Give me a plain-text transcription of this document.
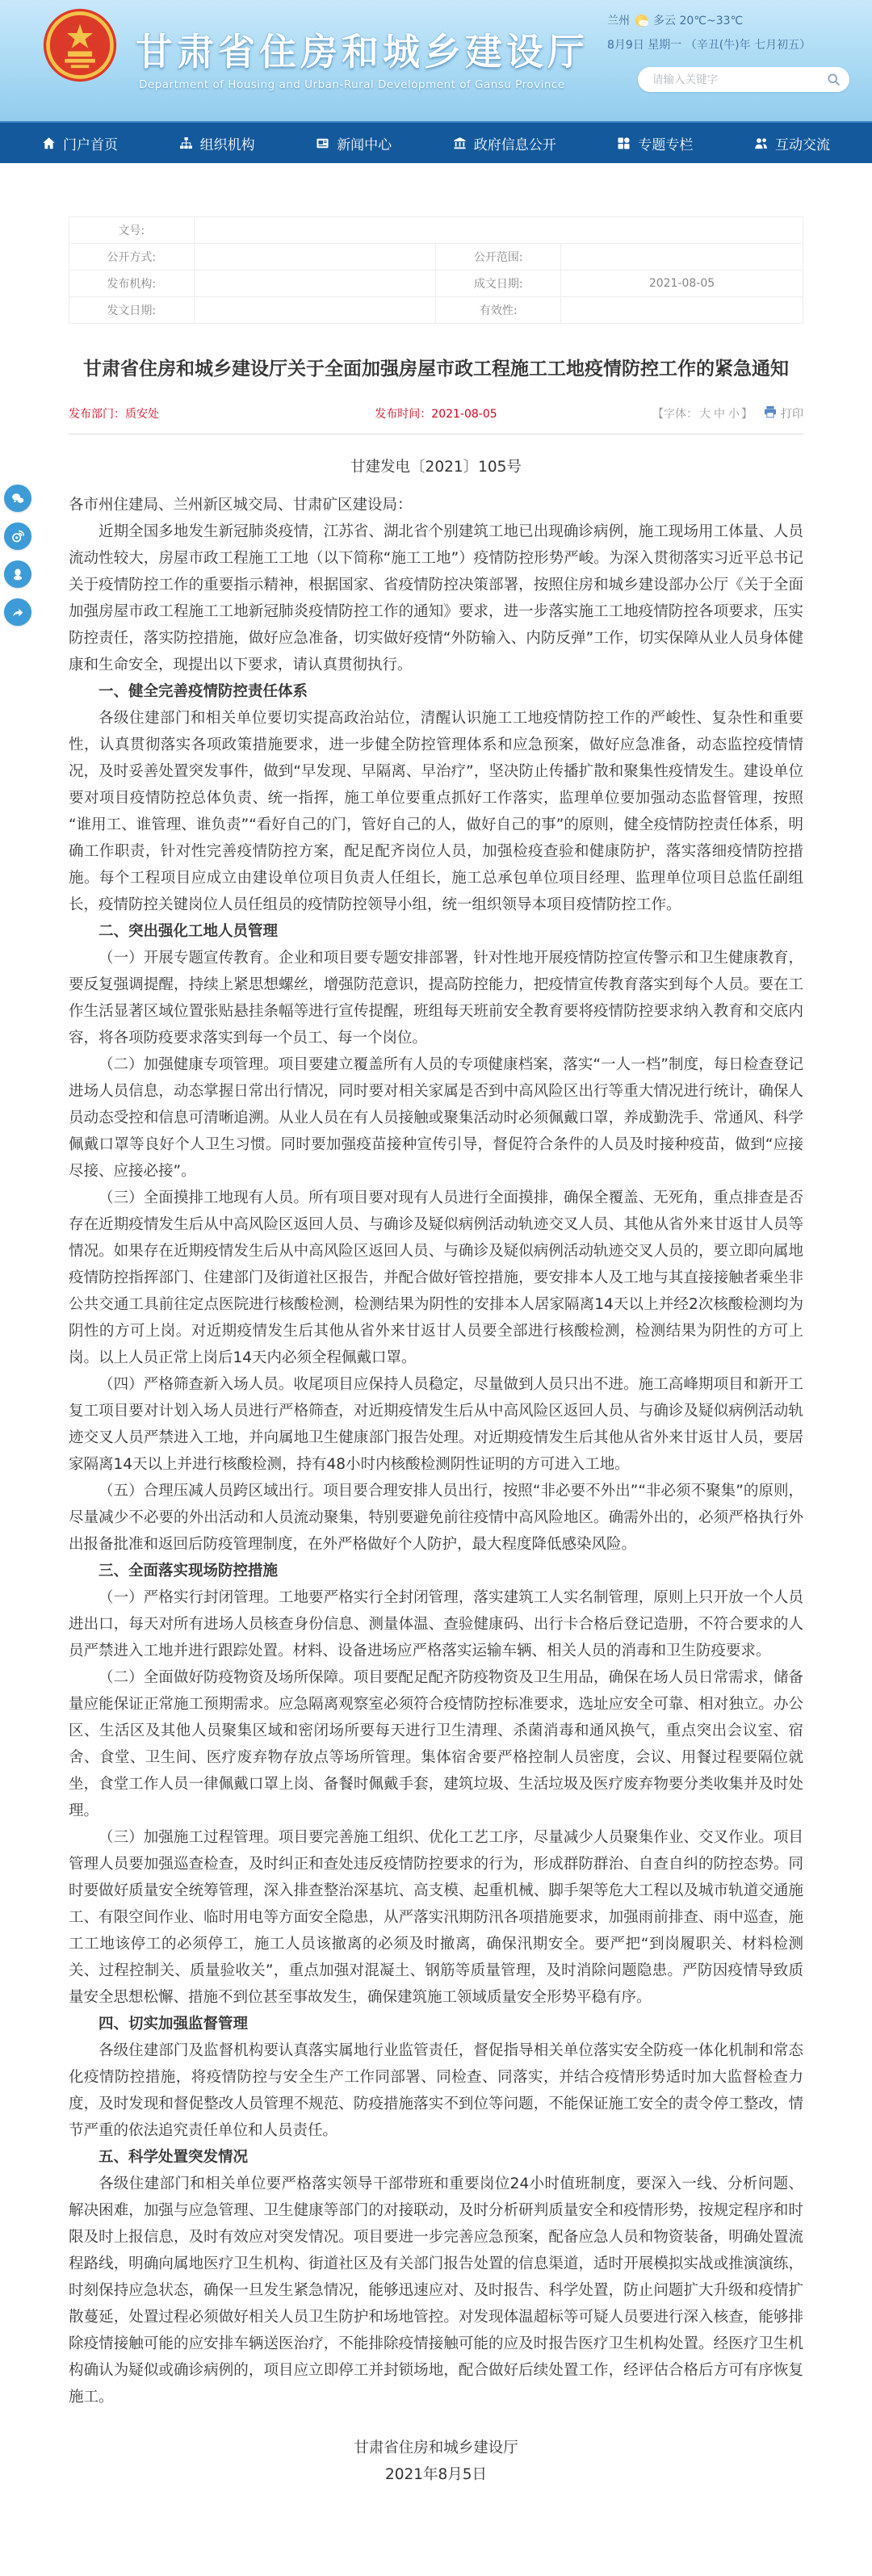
甘肃省住房和城乡建设厅
Department of Housing and Urban-Rural Development of Gansu Province
兰州 多云 20℃~33℃
8月9日 星期一 （辛丑(牛)年 七月初五）
请输入关键字
门户首页	组织机构	新闻中心	政府信息公开	专题专栏	互动交流
文号:			
公开方式:		公开范围:	
发布机构:		成文日期:	2021-08-05
发文日期:		有效性:	
甘肃省住房和城乡建设厅关于全面加强房屋市政工程施工工地疫情防控工作的紧急通知
发布部门：质安处	发布时间：2021-08-05	【字体： 大 中 小 】	打印

甘建发电〔2021〕105号

各市州住建局、兰州新区城交局、甘肃矿区建设局：

近期全国多地发生新冠肺炎疫情，江苏省、湖北省个别建筑工地已出现确诊病例，施工现场用工体量、人员流动性较大，房屋市政工程施工工地（以下简称“施工工地”）疫情防控形势严峻。为深入贯彻落实习近平总书记关于疫情防控工作的重要指示精神，根据国家、省疫情防控决策部署，按照住房和城乡建设部办公厅《关于全面加强房屋市政工程施工工地新冠肺炎疫情防控工作的通知》要求，进一步落实施工工地疫情防控各项要求，压实防控责任，落实防控措施，做好应急准备，切实做好疫情“外防输入、内防反弹”工作，切实保障从业人员身体健康和生命安全，现提出以下要求，请认真贯彻执行。

一、健全完善疫情防控责任体系

各级住建部门和相关单位要切实提高政治站位，清醒认识施工工地疫情防控工作的严峻性、复杂性和重要性，认真贯彻落实各项政策措施要求，进一步健全防控管理体系和应急预案，做好应急准备，动态监控疫情情况，及时妥善处置突发事件，做到“早发现、早隔离、早治疗”，坚决防止传播扩散和聚集性疫情发生。建设单位要对项目疫情防控总体负责、统一指挥，施工单位要重点抓好工作落实，监理单位要加强动态监督管理，按照“谁用工、谁管理、谁负责”“看好自己的门，管好自己的人，做好自己的事”的原则，健全疫情防控责任体系，明确工作职责，针对性完善疫情防控方案，配足配齐岗位人员，加强检疫查验和健康防护，落实落细疫情防控措施。每个工程项目应成立由建设单位项目负责人任组长，施工总承包单位项目经理、监理单位项目总监任副组长，疫情防控关键岗位人员任组员的疫情防控领导小组，统一组织领导本项目疫情防控工作。

二、突出强化工地人员管理

（一）开展专题宣传教育。企业和项目要专题安排部署，针对性地开展疫情防控宣传警示和卫生健康教育，要反复强调提醒，持续上紧思想螺丝，增强防范意识，提高防控能力，把疫情宣传教育落实到每个人员。要在工作生活显著区域位置张贴悬挂条幅等进行宣传提醒，班组每天班前安全教育要将疫情防控要求纳入教育和交底内容，将各项防疫要求落实到每一个员工、每一个岗位。

（二）加强健康专项管理。项目要建立覆盖所有人员的专项健康档案，落实“一人一档”制度，每日检查登记进场人员信息，动态掌握日常出行情况，同时要对相关家属是否到中高风险区出行等重大情况进行统计，确保人员动态受控和信息可清晰追溯。从业人员在有人员接触或聚集活动时必须佩戴口罩，养成勤洗手、常通风、科学佩戴口罩等良好个人卫生习惯。同时要加强疫苗接种宣传引导，督促符合条件的人员及时接种疫苗，做到“应接尽接、应接必接”。

（三）全面摸排工地现有人员。所有项目要对现有人员进行全面摸排，确保全覆盖、无死角，重点排查是否存在近期疫情发生后从中高风险区返回人员、与确诊及疑似病例活动轨迹交叉人员、其他从省外来甘返甘人员等情况。如果存在近期疫情发生后从中高风险区返回人员、与确诊及疑似病例活动轨迹交叉人员的，要立即向属地疫情防控指挥部门、住建部门及街道社区报告，并配合做好管控措施，要安排本人及工地与其直接接触者乘坐非公共交通工具前往定点医院进行核酸检测，检测结果为阴性的安排本人居家隔离14天以上并经2次核酸检测均为阴性的方可上岗。对近期疫情发生后其他从省外来甘返甘人员要全部进行核酸检测，检测结果为阴性的方可上岗。以上人员正常上岗后14天内必须全程佩戴口罩。

（四）严格筛查新入场人员。收尾项目应保持人员稳定，尽量做到人员只出不进。施工高峰期项目和新开工复工项目要对计划入场人员进行严格筛查，对近期疫情发生后从中高风险区返回人员、与确诊及疑似病例活动轨迹交叉人员严禁进入工地，并向属地卫生健康部门报告处理。对近期疫情发生后其他从省外来甘返甘人员，要居家隔离14天以上并进行核酸检测，持有48小时内核酸检测阴性证明的方可进入工地。

（五）合理压减人员跨区域出行。项目要合理安排人员出行，按照“非必要不外出”“非必须不聚集”的原则，尽量减少不必要的外出活动和人员流动聚集，特别要避免前往疫情中高风险地区。确需外出的，必须严格执行外出报备批准和返回后防疫管理制度，在外严格做好个人防护，最大程度降低感染风险。

三、全面落实现场防控措施

（一）严格实行封闭管理。工地要严格实行全封闭管理，落实建筑工人实名制管理，原则上只开放一个人员进出口，每天对所有进场人员核查身份信息、测量体温、查验健康码、出行卡合格后登记造册，不符合要求的人员严禁进入工地并进行跟踪处置。材料、设备进场应严格落实运输车辆、相关人员的消毒和卫生防疫要求。

（二）全面做好防疫物资及场所保障。项目要配足配齐防疫物资及卫生用品，确保在场人员日常需求，储备量应能保证正常施工预期需求。应急隔离观察室必须符合疫情防控标准要求，选址应安全可靠、相对独立。办公区、生活区及其他人员聚集区域和密闭场所要每天进行卫生清理、杀菌消毒和通风换气，重点突出会议室、宿舍、食堂、卫生间、医疗废弃物存放点等场所管理。集体宿舍要严格控制人员密度，会议、用餐过程要隔位就坐，食堂工作人员一律佩戴口罩上岗、备餐时佩戴手套，建筑垃圾、生活垃圾及医疗废弃物要分类收集并及时处理。

（三）加强施工过程管理。项目要完善施工组织、优化工艺工序，尽量减少人员聚集作业、交叉作业。项目管理人员要加强巡查检查，及时纠正和查处违反疫情防控要求的行为，形成群防群治、自查自纠的防控态势。同时要做好质量安全统筹管理，深入排查整治深基坑、高支模、起重机械、脚手架等危大工程以及城市轨道交通施工、有限空间作业、临时用电等方面安全隐患，从严落实汛期防汛各项措施要求，加强雨前排查、雨中巡查，施工工地该停工的必须停工，施工人员该撤离的必须及时撤离，确保汛期安全。要严把“到岗履职关、材料检测关、过程控制关、质量验收关”，重点加强对混凝土、钢筋等质量管理，及时消除问题隐患。严防因疫情导致质量安全思想松懈、措施不到位甚至事故发生，确保建筑施工领域质量安全形势平稳有序。

四、切实加强监督管理

各级住建部门及监督机构要认真落实属地行业监管责任，督促指导相关单位落实安全防疫一体化机制和常态化疫情防控措施，将疫情防控与安全生产工作同部署、同检查、同落实，并结合疫情形势适时加大监督检查力度，及时发现和督促整改人员管理不规范、防疫措施落实不到位等问题，不能保证施工安全的责令停工整改，情节严重的依法追究责任单位和人员责任。

五、科学处置突发情况

各级住建部门和相关单位要严格落实领导干部带班和重要岗位24小时值班制度，要深入一线、分析问题、解决困难，加强与应急管理、卫生健康等部门的对接联动，及时分析研判质量安全和疫情形势，按规定程序和时限及时上报信息，及时有效应对突发情况。项目要进一步完善应急预案，配备应急人员和物资装备，明确处置流程路线，明确向属地医疗卫生机构、街道社区及有关部门报告处置的信息渠道，适时开展模拟实战或推演演练，时刻保持应急状态，确保一旦发生紧急情况，能够迅速应对、及时报告、科学处置，防止问题扩大升级和疫情扩散蔓延，处置过程必须做好相关人员卫生防护和场地管控。对发现体温超标等可疑人员要进行深入核查，能够排除疫情接触可能的应安排车辆送医治疗，不能排除疫情接触可能的应及时报告医疗卫生机构处置。经医疗卫生机构确认为疑似或确诊病例的，项目应立即停工并封锁场地，配合做好后续处置工作，经评估合格后方可有序恢复施工。

甘肃省住房和城乡建设厅

2021年8月5日
